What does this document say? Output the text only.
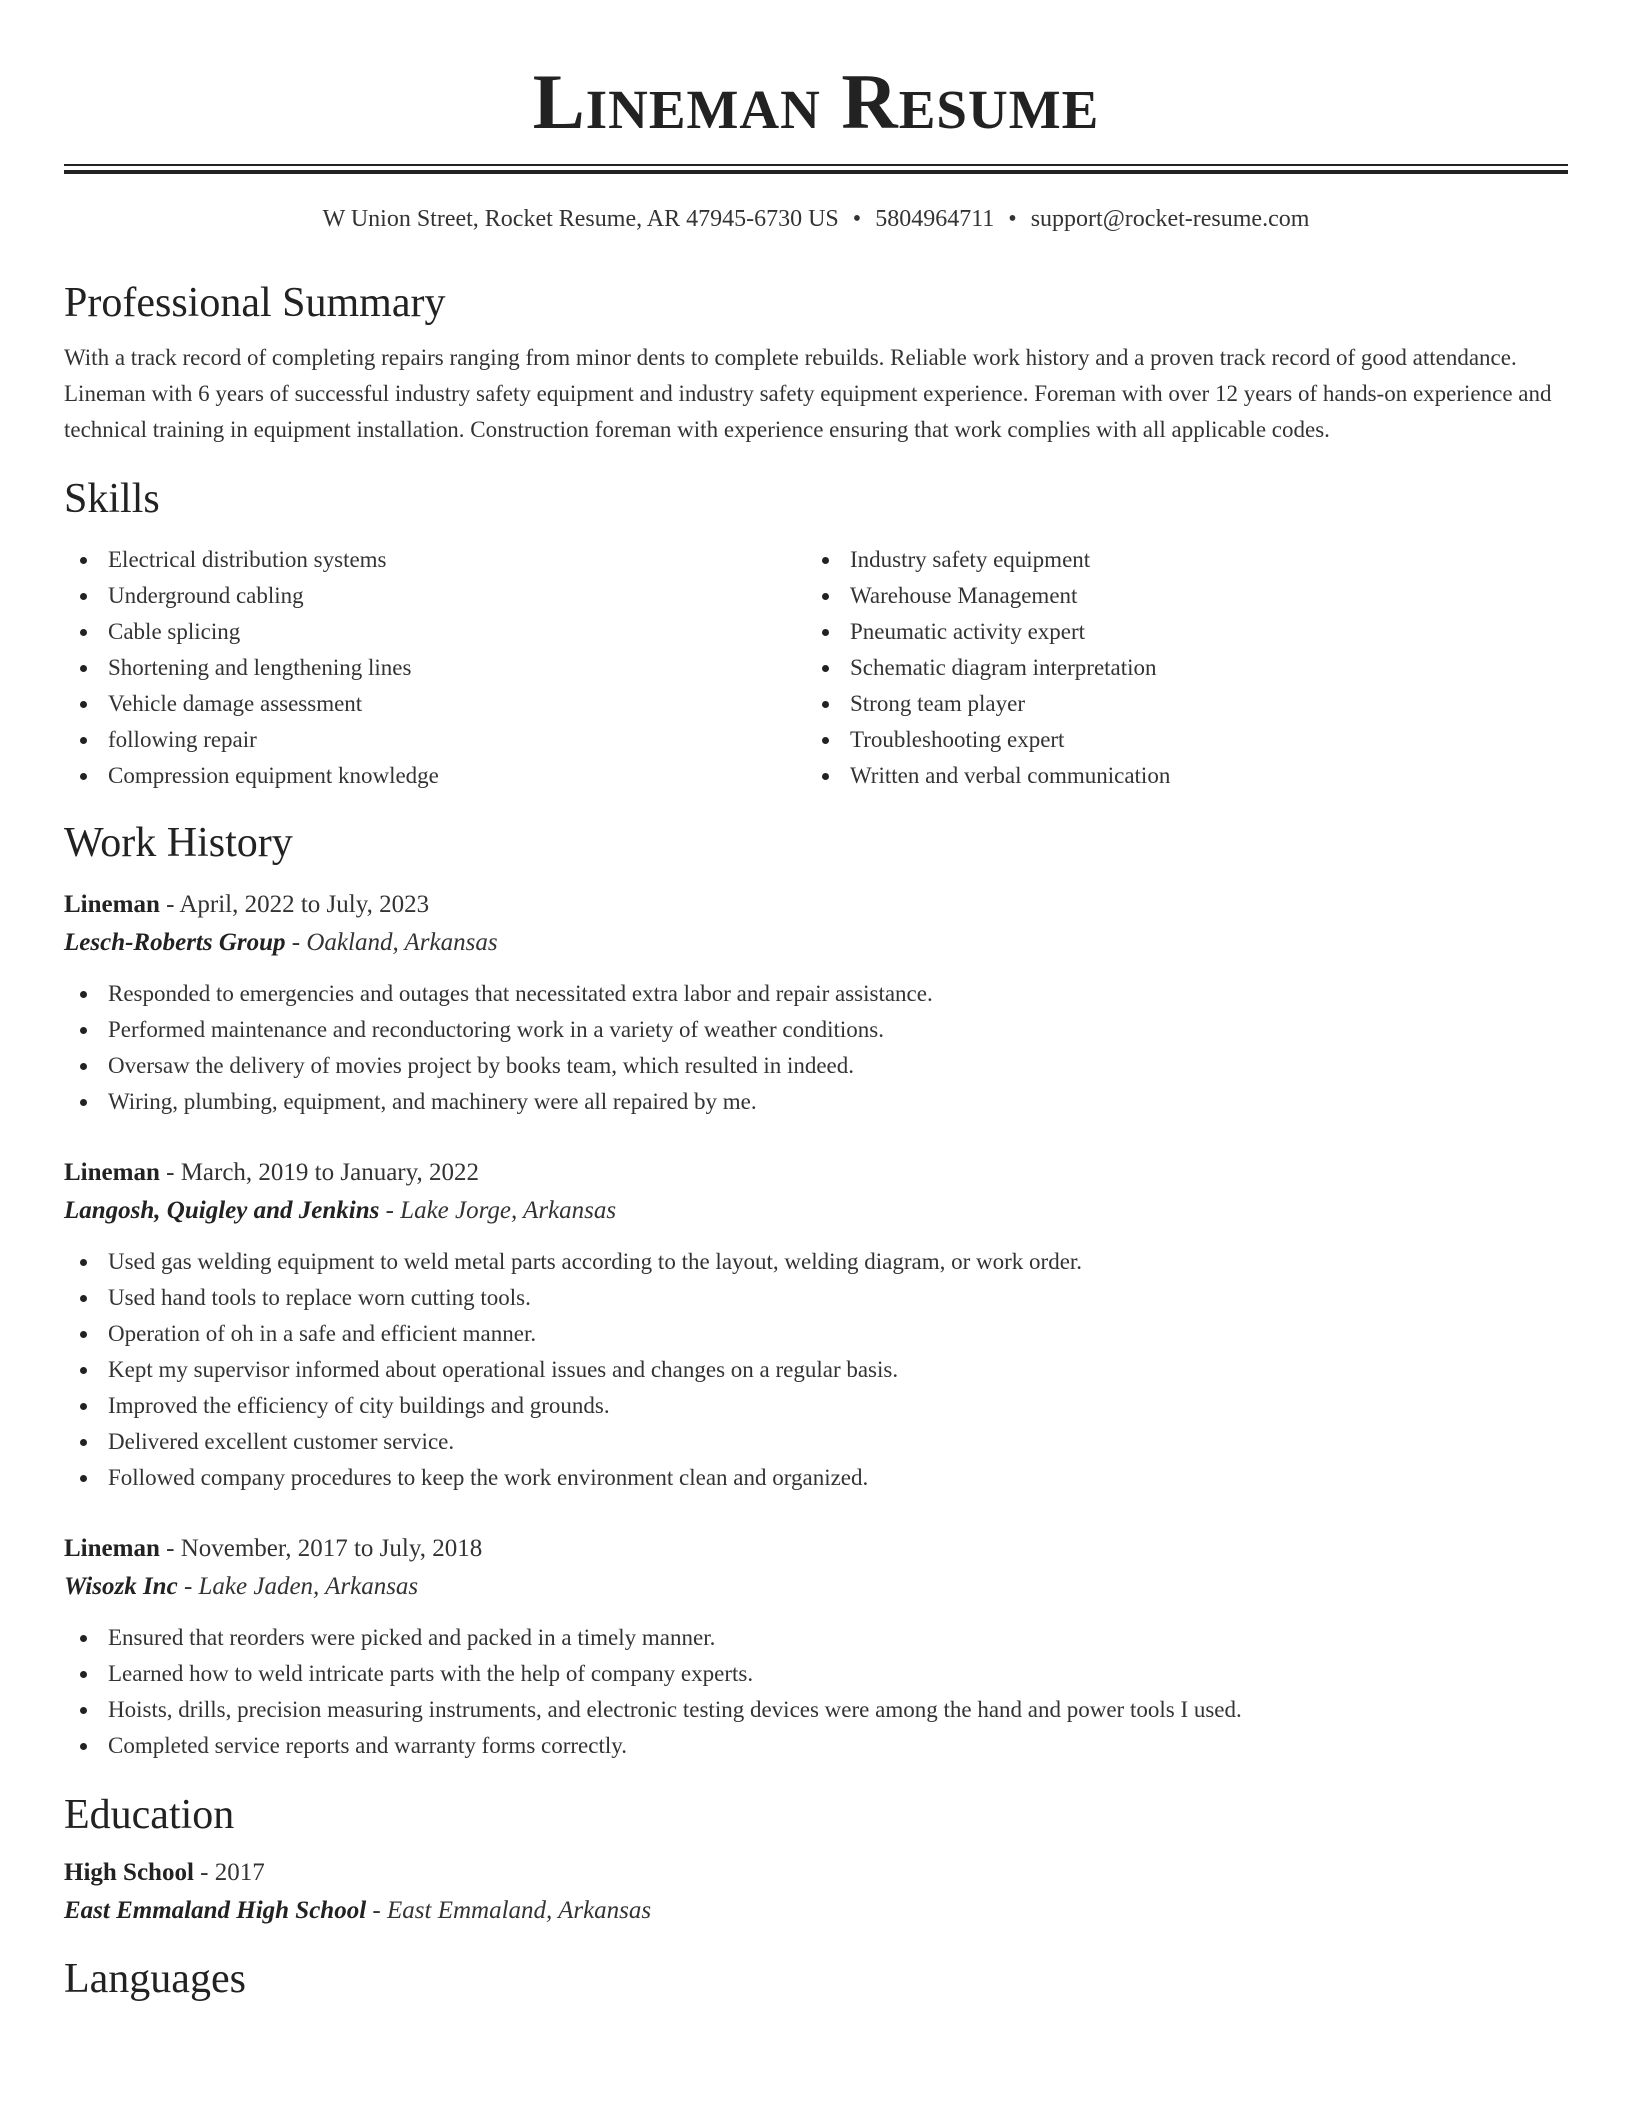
Lineman Resume
W Union Street, Rocket Resume, AR 47945-6730 US • 5804964711 • support@rocket-resume.com
Professional Summary

With a track record of completing repairs ranging from minor dents to complete rebuilds. Reliable work history and a proven track record of good attendance. Lineman with 6 years of successful industry safety equipment and industry safety equipment experience. Foreman with over 12 years of hands-on experience and technical training in equipment installation. Construction foreman with experience ensuring that work complies with all applicable codes.

Skills
Electrical distribution systems
Underground cabling
Cable splicing
Shortening and lengthening lines
Vehicle damage assessment
following repair
Compression equipment knowledge
Industry safety equipment
Warehouse Management
Pneumatic activity expert
Schematic diagram interpretation
Strong team player
Troubleshooting expert
Written and verbal communication
Work History
Lineman - April, 2022 to July, 2023
Lesch-Roberts Group - Oakland, Arkansas
Responded to emergencies and outages that necessitated extra labor and repair assistance.
Performed maintenance and reconductoring work in a variety of weather conditions.
Oversaw the delivery of movies project by books team, which resulted in indeed.
Wiring, plumbing, equipment, and machinery were all repaired by me.
Lineman - March, 2019 to January, 2022
Langosh, Quigley and Jenkins - Lake Jorge, Arkansas
Used gas welding equipment to weld metal parts according to the layout, welding diagram, or work order.
Used hand tools to replace worn cutting tools.
Operation of oh in a safe and efficient manner.
Kept my supervisor informed about operational issues and changes on a regular basis.
Improved the efficiency of city buildings and grounds.
Delivered excellent customer service.
Followed company procedures to keep the work environment clean and organized.
Lineman - November, 2017 to July, 2018
Wisozk Inc - Lake Jaden, Arkansas
Ensured that reorders were picked and packed in a timely manner.
Learned how to weld intricate parts with the help of company experts.
Hoists, drills, precision measuring instruments, and electronic testing devices were among the hand and power tools I used.
Completed service reports and warranty forms correctly.
Education
High School - 2017
East Emmaland High School - East Emmaland, Arkansas
Languages
